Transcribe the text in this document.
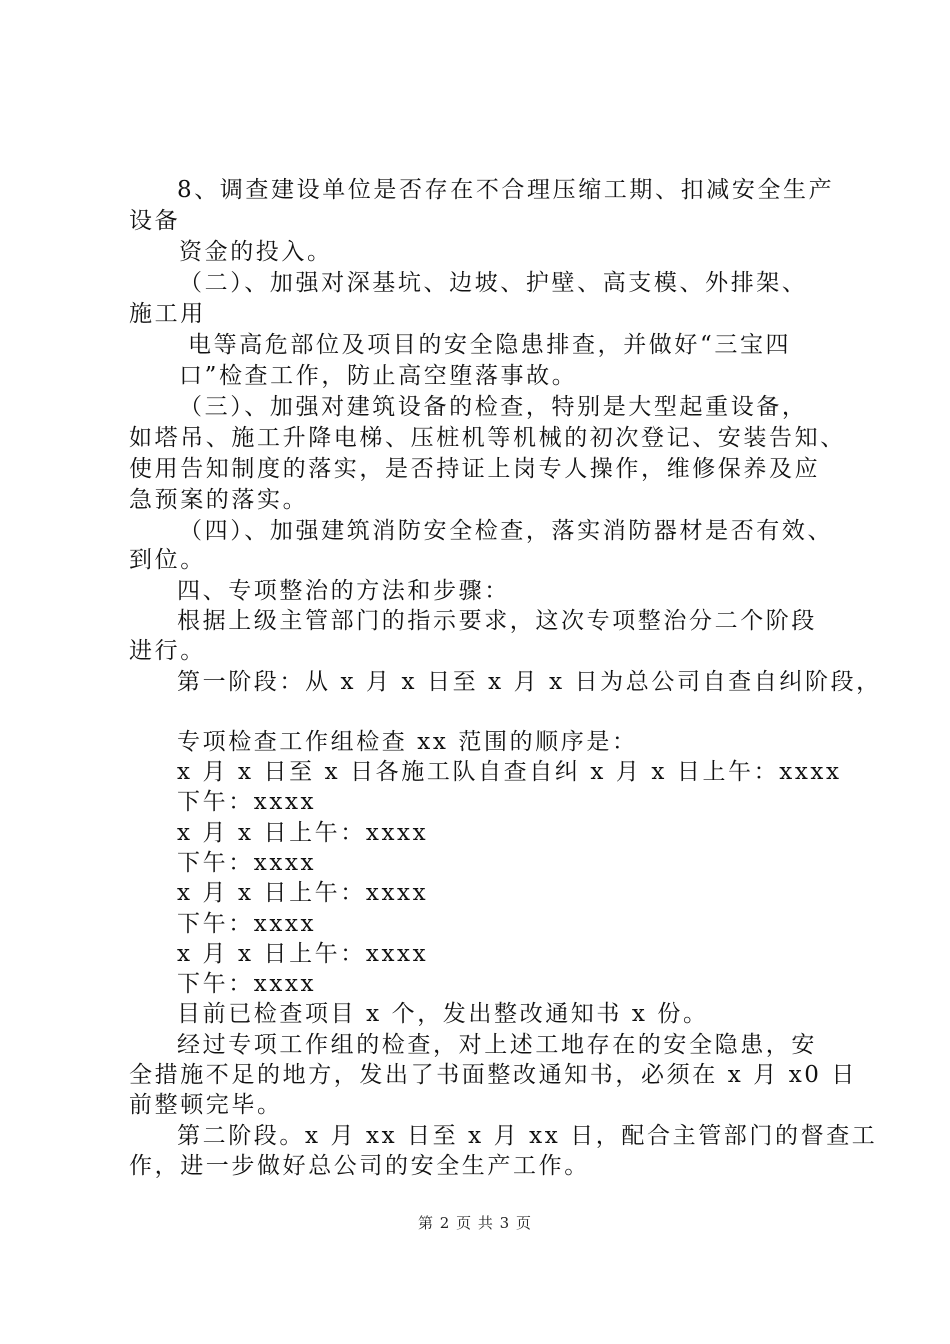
8、调查建设单位是否存在不合理压缩工期、扣减安全生产
设备
资金的投入。
（二）、加强对深基坑、边坡、护壁、高支模、外排架、
施工用
电等高危部位及项目的安全隐患排查，并做好“三宝四
口”检查工作，防止高空堕落事故。
（三）、加强对建筑设备的检查，特别是大型起重设备，
如塔吊、施工升降电梯、压桩机等机械的初次登记、安装告知、
使用告知制度的落实，是否持证上岗专人操作，维修保养及应
急预案的落实。
（四）、加强建筑消防安全检查，落实消防器材是否有效、
到位。
四、专项整治的方法和步骤：
根据上级主管部门的指示要求，这次专项整治分二个阶段
进行。
第一阶段：从 x 月 x 日至 x 月 x 日为总公司自查自纠阶段，
专项检查工作组检查 xx 范围的顺序是：
x 月 x 日至 x 日各施工队自查自纠 x 月 x 日上午：xxxx
下午：xxxx
x 月 x 日上午：xxxx
下午：xxxx
x 月 x 日上午：xxxx
下午：xxxx
x 月 x 日上午：xxxx
下午：xxxx
目前已检查项目 x 个，发出整改通知书 x 份。
经过专项工作组的检查，对上述工地存在的安全隐患，安
全措施不足的地方，发出了书面整改通知书，必须在 x 月 x0 日
前整顿完毕。
第二阶段。x 月 xx 日至 x 月 xx 日，配合主管部门的督查工
作，进一步做好总公司的安全生产工作。
第 2 页 共 3 页
